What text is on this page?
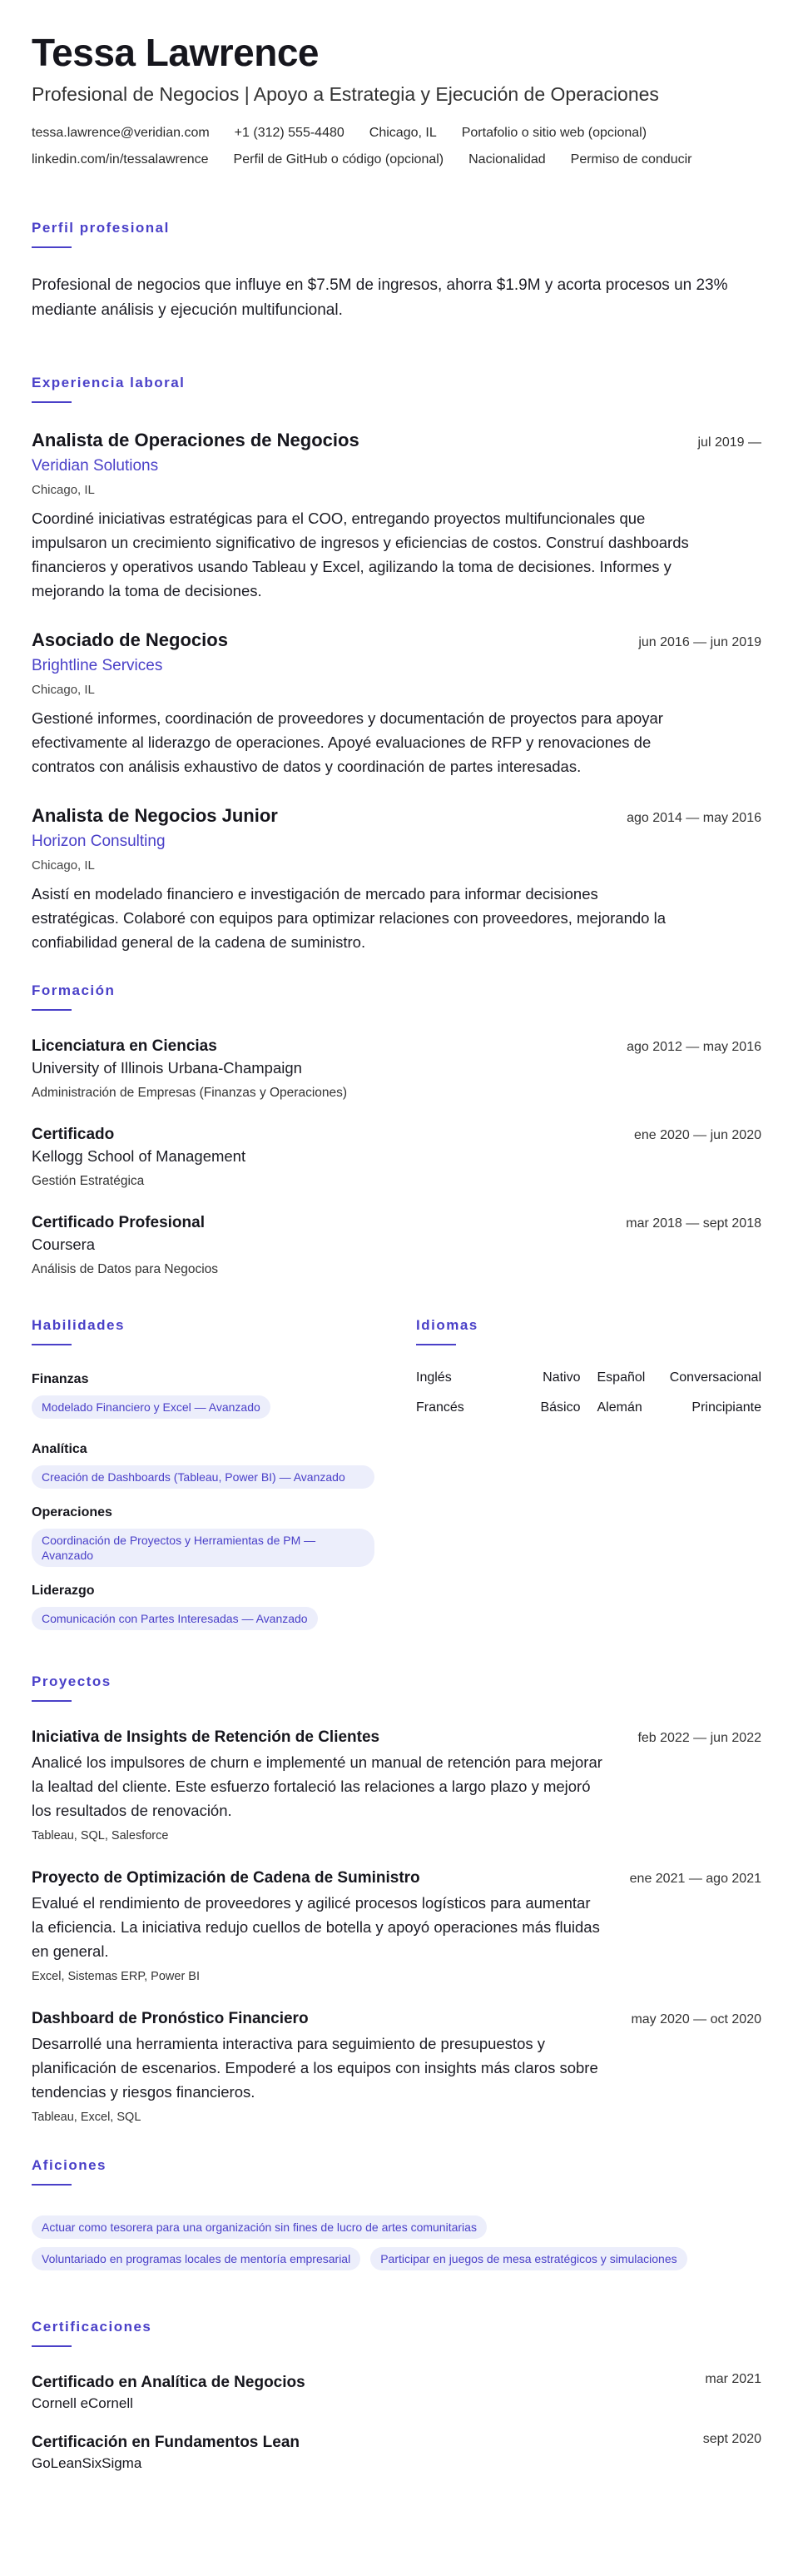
Tessa Lawrence
Profesional de Negocios | Apoyo a Estrategia y Ejecución de Operaciones
tessa.lawrence@veridian.com +1 (312) 555-4480 Chicago, IL Portafolio o sitio web (opcional)
linkedin.com/in/tessalawrence Perfil de GitHub o código (opcional) Nacionalidad Permiso de conducir
Perfil profesional

Profesional de negocios que influye en $7.5M de ingresos, ahorra $1.9M y acorta procesos un 23% mediante análisis y ejecución multifuncional.

Experiencia laboral
Analista de Operaciones de Negocios	jul 2019 —
Veridian Solutions
Chicago, IL
Coordiné iniciativas estratégicas para el COO, entregando proyectos multifuncionales que impulsaron un crecimiento significativo de ingresos y eficiencias de costos. Construí dashboards financieros y operativos usando Tableau y Excel, agilizando la toma de decisiones. Informes y mejorando la toma de decisiones.
Asociado de Negocios	jun 2016 — jun 2019
Brightline Services
Chicago, IL
Gestioné informes, coordinación de proveedores y documentación de proyectos para apoyar efectivamente al liderazgo de operaciones. Apoyé evaluaciones de RFP y renovaciones de contratos con análisis exhaustivo de datos y coordinación de partes interesadas.
Analista de Negocios Junior	ago 2014 — may 2016
Horizon Consulting
Chicago, IL
Asistí en modelado financiero e investigación de mercado para informar decisiones estratégicas. Colaboré con equipos para optimizar relaciones con proveedores, mejorando la confiabilidad general de la cadena de suministro.
Formación
Licenciatura en Ciencias	ago 2012 — may 2016
University of Illinois Urbana-Champaign
Administración de Empresas (Finanzas y Operaciones)
Certificado	ene 2020 — jun 2020
Kellogg School of Management
Gestión Estratégica
Certificado Profesional	mar 2018 — sept 2018
Coursera
Análisis de Datos para Negocios
Habilidades
Finanzas
Modelado Financiero y Excel — Avanzado
Analítica
Creación de Dashboards (Tableau, Power BI) — Avanzado
Operaciones
Coordinación de Proyectos y Herramientas de PM — Avanzado
Liderazgo
Comunicación con Partes Interesadas — Avanzado
Idiomas
Inglés	Nativo Español Conversacional
Francés	Básico Alemán	Principiante
Proyectos
Iniciativa de Insights de Retención de Clientes	feb 2022 — jun 2022
Analicé los impulsores de churn e implementé un manual de retención para mejorar la lealtad del cliente. Este esfuerzo fortaleció las relaciones a largo plazo y mejoró los resultados de renovación.
Tableau, SQL, Salesforce
Proyecto de Optimización de Cadena de Suministro	ene 2021 — ago 2021
Evalué el rendimiento de proveedores y agilicé procesos logísticos para aumentar la eficiencia. La iniciativa redujo cuellos de botella y apoyó operaciones más fluidas en general.
Excel, Sistemas ERP, Power BI
Dashboard de Pronóstico Financiero	may 2020 — oct 2020
Desarrollé una herramienta interactiva para seguimiento de presupuestos y planificación de escenarios. Empoderé a los equipos con insights más claros sobre tendencias y riesgos financieros.
Tableau, Excel, SQL
Aficiones
Actuar como tesorera para una organización sin fines de lucro de artes comunitarias
Voluntariado en programas locales de mentoría empresarial	Participar en juegos de mesa estratégicos y simulaciones
Certificaciones
Certificado en Analítica de Negocios
Cornell eCornell
mar 2021
Certificación en Fundamentos Lean
GoLeanSixSigma
sept 2020
